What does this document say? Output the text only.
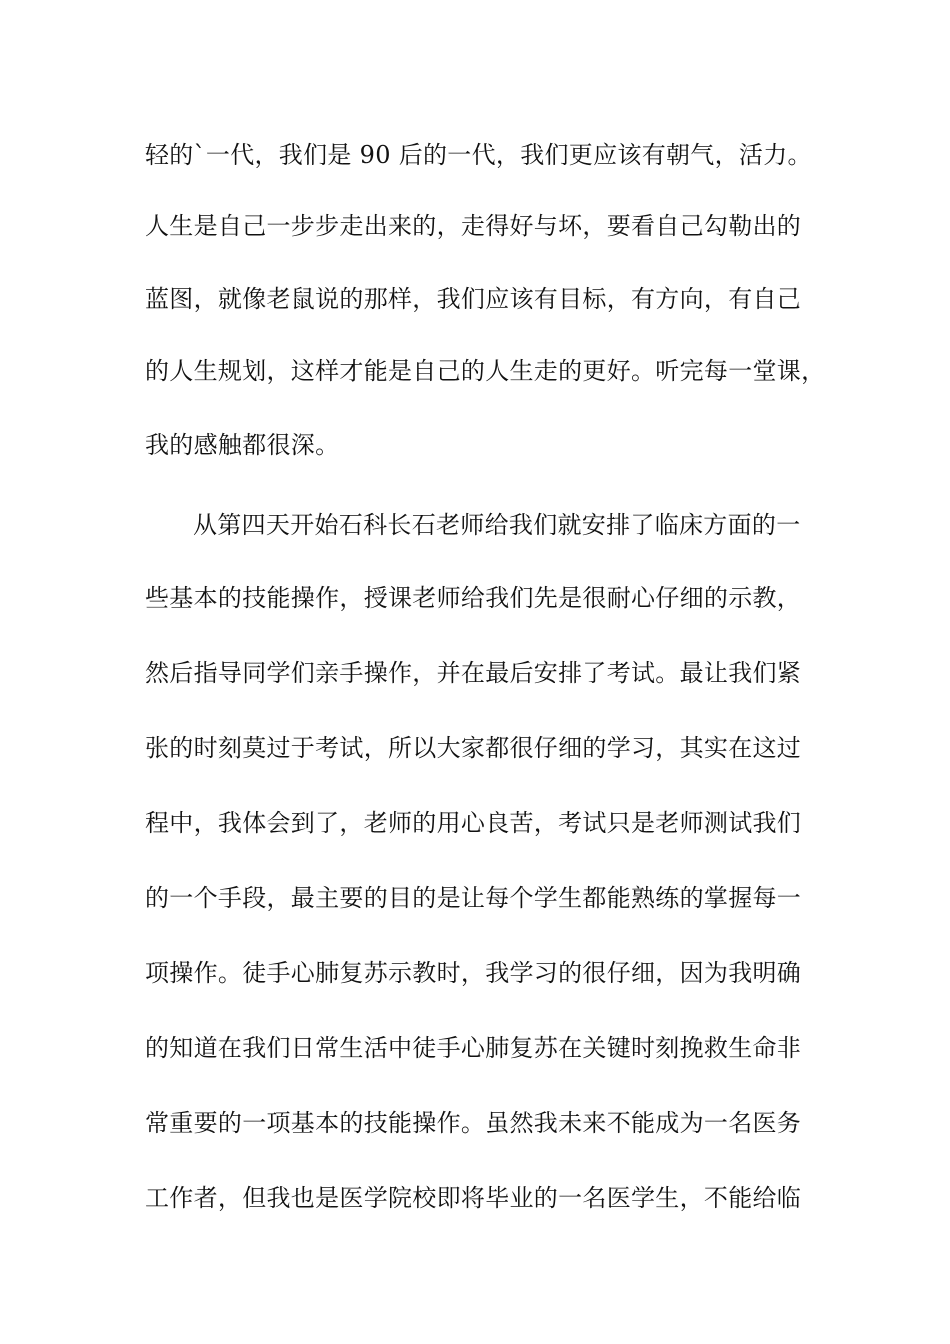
轻的`一代，我们是 90 后的一代，我们更应该有朝气，活力。
人生是自己一步步走出来的，走得好与坏，要看自己勾勒出的
蓝图，就像老鼠说的那样，我们应该有目标，有方向，有自己
的人生规划，这样才能是自己的人生走的更好。听完每一堂课，
我的感触都很深。
从第四天开始石科长石老师给我们就安排了临床方面的一
些基本的技能操作，授课老师给我们先是很耐心仔细的示教，
然后指导同学们亲手操作，并在最后安排了考试。最让我们紧
张的时刻莫过于考试，所以大家都很仔细的学习，其实在这过
程中，我体会到了，老师的用心良苦，考试只是老师测试我们
的一个手段，最主要的目的是让每个学生都能熟练的掌握每一
项操作。徒手心肺复苏示教时，我学习的很仔细，因为我明确
的知道在我们日常生活中徒手心肺复苏在关键时刻挽救生命非
常重要的一项基本的技能操作。虽然我未来不能成为一名医务
工作者，但我也是医学院校即将毕业的一名医学生，不能给临
